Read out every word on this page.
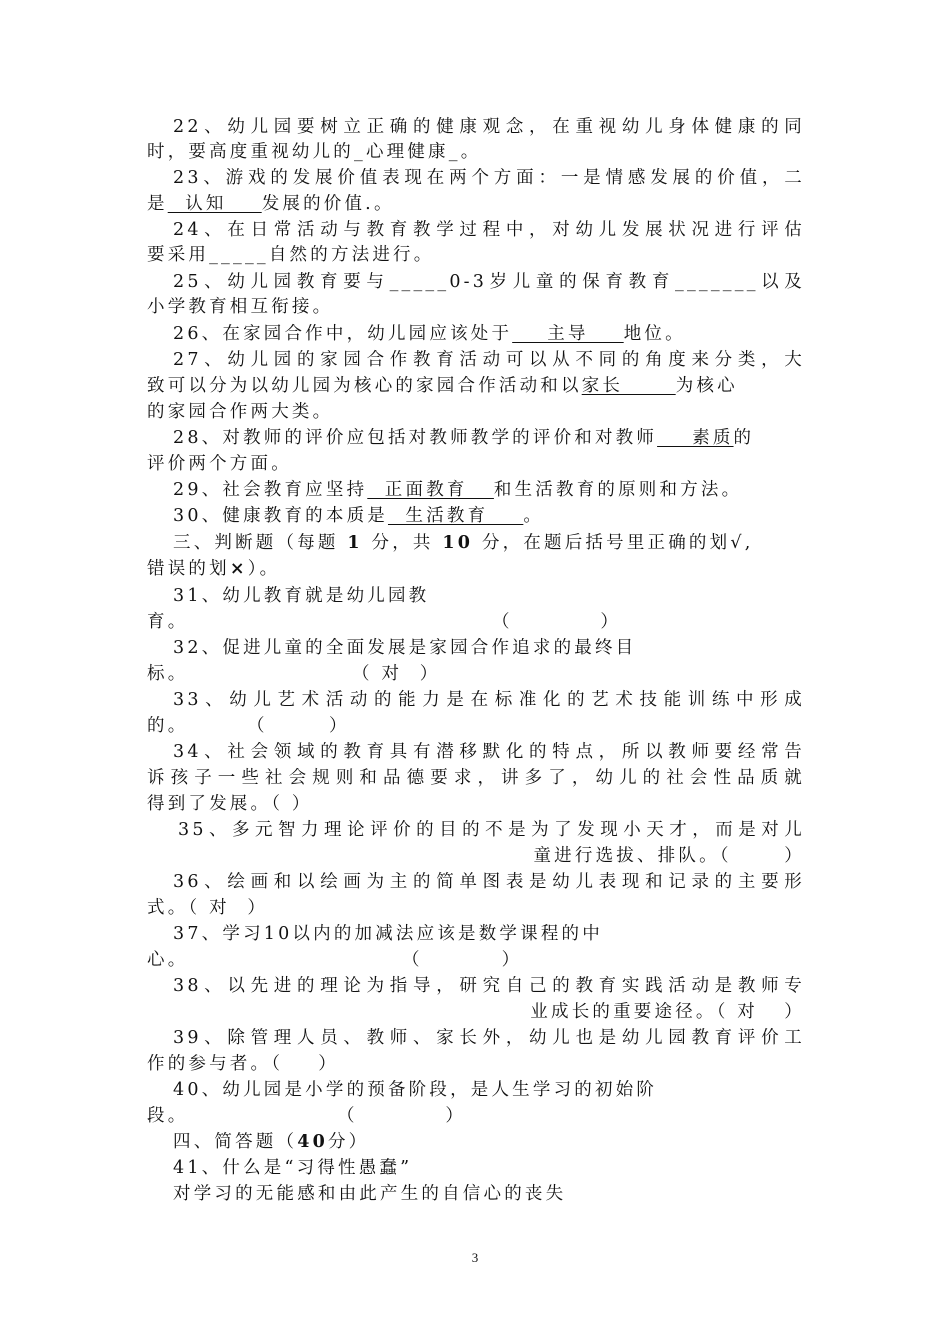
22、幼儿园要树立正确的健康观念，在重视幼儿身体健康的同
时，要高度重视幼儿的_心理健康_。
23、游戏的发展价值表现在两个方面：一是情感发展的价值，二
是  认知    发展的价值.。
24、在日常活动与教育教学过程中，对幼儿发展状况进行评估
要采用_____自然的方法进行。
25、幼儿园教育要与_____0-3岁儿童的保育教育_______以及
小学教育相互衔接。
26、在家园合作中，幼儿园应该处于    主导    地位。
27、幼儿园的家园合作教育活动可以从不同的角度来分类，大
致可以分为以幼儿园为核心的家园合作活动和以家长      为核心
的家园合作两大类。
28、对教师的评价应包括对教师教学的评价和对教师    素质的
评价两个方面。
29、社会教育应坚持  正面教育   和生活教育的原则和方法。
30、健康教育的本质是  生活教育    。
三、判断题（每题 1 分，共 10 分，在题后括号里正确的划√,
错误的划×）。
31、幼儿教育就是幼儿园教
育。	（          ）
32、促进儿童的全面发展是家园合作追求的最终目
标。	（ 对  ）
33、幼儿艺术活动的能力是在标准化的艺术技能训练中形成
的。	（       ）
34、社会领域的教育具有潜移默化的特点，所以教师要经常告
诉孩子一些社会规则和品德要求，讲多了，幼儿的社会性品质就
得到了发展。（ ）
35、多元智力理论评价的目的不是为了发现小天才，而是对儿
童进行选拔、排队。（      ）
36、绘画和以绘画为主的简单图表是幼儿表现和记录的主要形
式。（ 对  ）
37、学习10以内的加减法应该是数学课程的中
心。	（         ）
38、以先进的理论为指导，研究自己的教育实践活动是教师专
业成长的重要途径。（ 对   ）
39、除管理人员、教师、家长外，幼儿也是幼儿园教育评价工
作的参与者。（    ）
40、幼儿园是小学的预备阶段，是人生学习的初始阶
段。	（          ）
四、简答题（40分）
41、什么是“习得性愚蠢”
对学习的无能感和由此产生的自信心的丧失
3
